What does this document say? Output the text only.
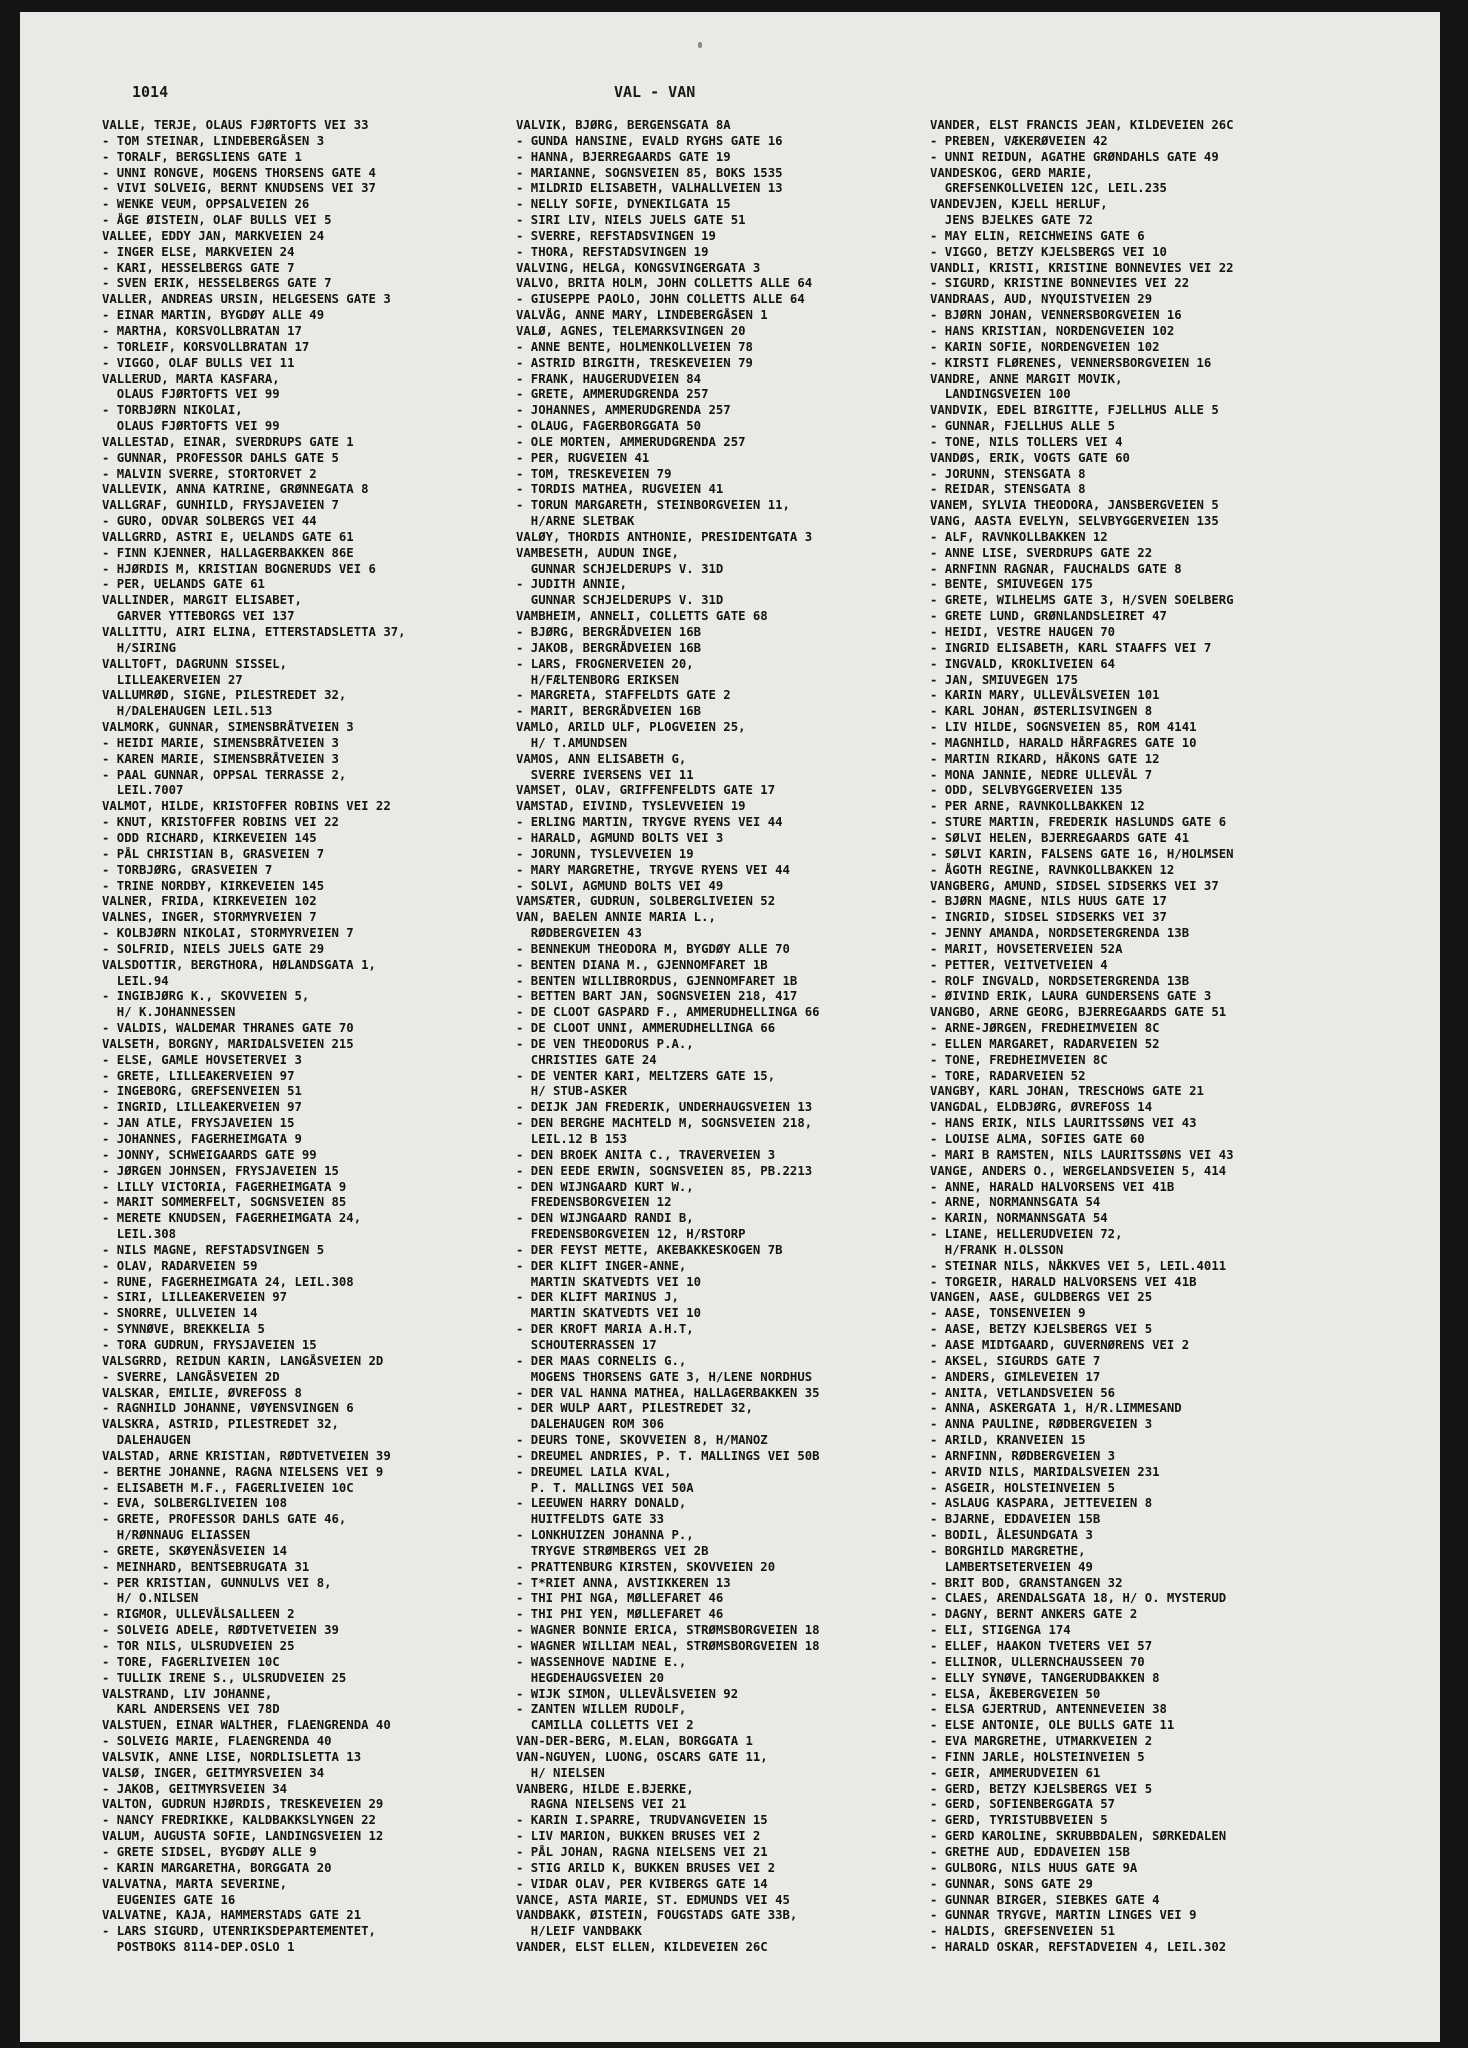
1014	VAL - VAN
VALLE, TERJE, OLAUS FJØRTOFTS VEI 33
- TOM STEINAR, LINDEBERGÅSEN 3
- TORALF, BERGSLIENS GATE 1
- UNNI RONGVE, MOGENS THORSENS GATE 4
- VIVI SOLVEIG, BERNT KNUDSENS VEI 37
- WENKE VEUM, OPPSALVEIEN 26
- ÅGE ØISTEIN, OLAF BULLS VEI 5
VALLEE, EDDY JAN, MARKVEIEN 24
- INGER ELSE, MARKVEIEN 24
- KARI, HESSELBERGS GATE 7
- SVEN ERIK, HESSELBERGS GATE 7
VALLER, ANDREAS URSIN, HELGESENS GATE 3
- EINAR MARTIN, BYGDØY ALLE 49
- MARTHA, KORSVOLLBRATAN 17
- TORLEIF, KORSVOLLBRATAN 17
- VIGGO, OLAF BULLS VEI 11
VALLERUD, MARTA KASFARA,
OLAUS FJØRTOFTS VEI 99
- TORBJØRN NIKOLAI,
OLAUS FJØRTOFTS VEI 99
VALLESTAD, EINAR, SVERDRUPS GATE 1
- GUNNAR, PROFESSOR DAHLS GATE 5
- MALVIN SVERRE, STORTORVET 2
VALLEVIK, ANNA KATRINE, GRØNNEGATA 8
VALLGRAF, GUNHILD, FRYSJAVEIEN 7
- GURO, ODVAR SOLBERGS VEI 44
VALLGRRD, ASTRI E, UELANDS GATE 61
- FINN KJENNER, HALLAGERBAKKEN 86E
- HJØRDIS M, KRISTIAN BOGNERUDS VEI 6
- PER, UELANDS GATE 61
VALLINDER, MARGIT ELISABET,
GARVER YTTEBORGS VEI 137
VALLITTU, AIRI ELINA, ETTERSTADSLETTA 37,
H/SIRING
VALLTOFT, DAGRUNN SISSEL,
LILLEAKERVEIEN 27
VALLUMRØD, SIGNE, PILESTREDET 32,
H/DALEHAUGEN LEIL.513
VALMORK, GUNNAR, SIMENSBRÅTVEIEN 3
- HEIDI MARIE, SIMENSBRÅTVEIEN 3
- KAREN MARIE, SIMENSBRÅTVEIEN 3
- PAAL GUNNAR, OPPSAL TERRASSE 2,
LEIL.7007
VALMOT, HILDE, KRISTOFFER ROBINS VEI 22
- KNUT, KRISTOFFER ROBINS VEI 22
- ODD RICHARD, KIRKEVEIEN 145
- PÅL CHRISTIAN B, GRASVEIEN 7
- TORBJØRG, GRASVEIEN 7
- TRINE NORDBY, KIRKEVEIEN 145
VALNER, FRIDA, KIRKEVEIEN 102
VALNES, INGER, STORMYRVEIEN 7
- KOLBJØRN NIKOLAI, STORMYRVEIEN 7
- SOLFRID, NIELS JUELS GATE 29
VALSDOTTIR, BERGTHORA, HØLANDSGATA 1,
LEIL.94
- INGIBJØRG K., SKOVVEIEN 5,
H/ K.JOHANNESSEN
- VALDIS, WALDEMAR THRANES GATE 70
VALSETH, BORGNY, MARIDALSVEIEN 215
- ELSE, GAMLE HOVSETERVEI 3
- GRETE, LILLEAKERVEIEN 97
- INGEBORG, GREFSENVEIEN 51
- INGRID, LILLEAKERVEIEN 97
- JAN ATLE, FRYSJAVEIEN 15
- JOHANNES, FAGERHEIMGATA 9
- JONNY, SCHWEIGAARDS GATE 99
- JØRGEN JOHNSEN, FRYSJAVEIEN 15
- LILLY VICTORIA, FAGERHEIMGATA 9
- MARIT SOMMERFELT, SOGNSVEIEN 85
- MERETE KNUDSEN, FAGERHEIMGATA 24,
LEIL.308
- NILS MAGNE, REFSTADSVINGEN 5
- OLAV, RADARVEIEN 59
- RUNE, FAGERHEIMGATA 24, LEIL.308
- SIRI, LILLEAKERVEIEN 97
- SNORRE, ULLVEIEN 14
- SYNNØVE, BREKKELIA 5
- TORA GUDRUN, FRYSJAVEIEN 15
VALSGRRD, REIDUN KARIN, LANGÅSVEIEN 2D
- SVERRE, LANGÅSVEIEN 2D
VALSKAR, EMILIE, ØVREFOSS 8
- RAGNHILD JOHANNE, VØYENSVINGEN 6
VALSKRA, ASTRID, PILESTREDET 32,
DALEHAUGEN
VALSTAD, ARNE KRISTIAN, RØDTVETVEIEN 39
- BERTHE JOHANNE, RAGNA NIELSENS VEI 9
- ELISABETH M.F., FAGERLIVEIEN 10C
- EVA, SOLBERGLIVEIEN 108
- GRETE, PROFESSOR DAHLS GATE 46,
H/RØNNAUG ELIASSEN
- GRETE, SKØYENÅSVEIEN 14
- MEINHARD, BENTSEBRUGATA 31
- PER KRISTIAN, GUNNULVS VEI 8,
H/ O.NILSEN
- RIGMOR, ULLEVÅLSALLEEN 2
- SOLVEIG ADELE, RØDTVETVEIEN 39
- TOR NILS, ULSRUDVEIEN 25
- TORE, FAGERLIVEIEN 10C
- TULLIK IRENE S., ULSRUDVEIEN 25
VALSTRAND, LIV JOHANNE,
KARL ANDERSENS VEI 78D
VALSTUEN, EINAR WALTHER, FLAENGRENDA 40
- SOLVEIG MARIE, FLAENGRENDA 40
VALSVIK, ANNE LISE, NORDLISLETTA 13
VALSØ, INGER, GEITMYRSVEIEN 34
- JAKOB, GEITMYRSVEIEN 34
VALTON, GUDRUN HJØRDIS, TRESKEVEIEN 29
- NANCY FREDRIKKE, KALDBAKKSLYNGEN 22
VALUM, AUGUSTA SOFIE, LANDINGSVEIEN 12
- GRETE SIDSEL, BYGDØY ALLE 9
- KARIN MARGARETHA, BORGGATA 20
VALVATNA, MARTA SEVERINE,
EUGENIES GATE 16
VALVATNE, KAJA, HAMMERSTADS GATE 21
- LARS SIGURD, UTENRIKSDEPARTEMENTET,
POSTBOKS 8114-DEP.OSLO 1
VALVIK, BJØRG, BERGENSGATA 8A
- GUNDA HANSINE, EVALD RYGHS GATE 16
- HANNA, BJERREGAARDS GATE 19
- MARIANNE, SOGNSVEIEN 85, BOKS 1535
- MILDRID ELISABETH, VALHALLVEIEN 13
- NELLY SOFIE, DYNEKILGATA 15
- SIRI LIV, NIELS JUELS GATE 51
- SVERRE, REFSTADSVINGEN 19
- THORA, REFSTADSVINGEN 19
VALVING, HELGA, KONGSVINGERGATA 3
VALVO, BRITA HOLM, JOHN COLLETTS ALLE 64
- GIUSEPPE PAOLO, JOHN COLLETTS ALLE 64
VALVÅG, ANNE MARY, LINDEBERGÅSEN 1
VALØ, AGNES, TELEMARKSVINGEN 20
- ANNE BENTE, HOLMENKOLLVEIEN 78
- ASTRID BIRGITH, TRESKEVEIEN 79
- FRANK, HAUGERUDVEIEN 84
- GRETE, AMMERUDGRENDA 257
- JOHANNES, AMMERUDGRENDA 257
- OLAUG, FAGERBORGGATA 50
- OLE MORTEN, AMMERUDGRENDA 257
- PER, RUGVEIEN 41
- TOM, TRESKEVEIEN 79
- TORDIS MATHEA, RUGVEIEN 41
- TORUN MARGARETH, STEINBORGVEIEN 11,
H/ARNE SLETBAK
VALØY, THORDIS ANTHONIE, PRESIDENTGATA 3
VAMBESETH, AUDUN INGE,
GUNNAR SCHJELDERUPS V. 31D
- JUDITH ANNIE,
GUNNAR SCHJELDERUPS V. 31D
VAMBHEIM, ANNELI, COLLETTS GATE 68
- BJØRG, BERGRÅDVEIEN 16B
- JAKOB, BERGRÅDVEIEN 16B
- LARS, FROGNERVEIEN 20,
H/FÆLTENBORG ERIKSEN
- MARGRETA, STAFFELDTS GATE 2
- MARIT, BERGRÅDVEIEN 16B
VAMLO, ARILD ULF, PLOGVEIEN 25,
H/ T.AMUNDSEN
VAMOS, ANN ELISABETH G,
SVERRE IVERSENS VEI 11
VAMSET, OLAV, GRIFFENFELDTS GATE 17
VAMSTAD, EIVIND, TYSLEVVEIEN 19
- ERLING MARTIN, TRYGVE RYENS VEI 44
- HARALD, AGMUND BOLTS VEI 3
- JORUNN, TYSLEVVEIEN 19
- MARY MARGRETHE, TRYGVE RYENS VEI 44
- SOLVI, AGMUND BOLTS VEI 49
VAMSÆTER, GUDRUN, SOLBERGLIVEIEN 52
VAN, BAELEN ANNIE MARIA L.,
RØDBERGVEIEN 43
- BENNEKUM THEODORA M, BYGDØY ALLE 70
- BENTEN DIANA M., GJENNOMFARET 1B
- BENTEN WILLIBRORDUS, GJENNOMFARET 1B
- BETTEN BART JAN, SOGNSVEIEN 218, 417
- DE CLOOT GASPARD F., AMMERUDHELLINGA 66
- DE CLOOT UNNI, AMMERUDHELLINGA 66
- DE VEN THEODORUS P.A.,
CHRISTIES GATE 24
- DE VENTER KARI, MELTZERS GATE 15,
H/ STUB-ASKER
- DEIJK JAN FREDERIK, UNDERHAUGSVEIEN 13
- DEN BERGHE MACHTELD M, SOGNSVEIEN 218,
LEIL.12 B 153
- DEN BROEK ANITA C., TRAVERVEIEN 3
- DEN EEDE ERWIN, SOGNSVEIEN 85, PB.2213
- DEN WIJNGAARD KURT W.,
FREDENSBORGVEIEN 12
- DEN WIJNGAARD RANDI B,
FREDENSBORGVEIEN 12, H/RSTORP
- DER FEYST METTE, AKEBAKKESKOGEN 7B
- DER KLIFT INGER-ANNE,
MARTIN SKATVEDTS VEI 10
- DER KLIFT MARINUS J,
MARTIN SKATVEDTS VEI 10
- DER KROFT MARIA A.H.T,
SCHOUTERRASSEN 17
- DER MAAS CORNELIS G.,
MOGENS THORSENS GATE 3, H/LENE NORDHUS
- DER VAL HANNA MATHEA, HALLAGERBAKKEN 35
- DER WULP AART, PILESTREDET 32,
DALEHAUGEN ROM 306
- DEURS TONE, SKOVVEIEN 8, H/MANOZ
- DREUMEL ANDRIES, P. T. MALLINGS VEI 50B
- DREUMEL LAILA KVAL,
P. T. MALLINGS VEI 50A
- LEEUWEN HARRY DONALD,
HUITFELDTS GATE 33
- LONKHUIZEN JOHANNA P.,
TRYGVE STRØMBERGS VEI 2B
- PRATTENBURG KIRSTEN, SKOVVEIEN 20
- T*RIET ANNA, AVSTIKKEREN 13
- THI PHI NGA, MØLLEFARET 46
- THI PHI YEN, MØLLEFARET 46
- WAGNER BONNIE ERICA, STRØMSBORGVEIEN 18
- WAGNER WILLIAM NEAL, STRØMSBORGVEIEN 18
- WASSENHOVE NADINE E.,
HEGDEHAUGSVEIEN 20
- WIJK SIMON, ULLEVÅLSVEIEN 92
- ZANTEN WILLEM RUDOLF,
CAMILLA COLLETTS VEI 2
VAN-DER-BERG, M.ELAN, BORGGATA 1
VAN-NGUYEN, LUONG, OSCARS GATE 11,
H/ NIELSEN
VANBERG, HILDE E.BJERKE,
RAGNA NIELSENS VEI 21
- KARIN I.SPARRE, TRUDVANGVEIEN 15
- LIV MARION, BUKKEN BRUSES VEI 2
- PÅL JOHAN, RAGNA NIELSENS VEI 21
- STIG ARILD K, BUKKEN BRUSES VEI 2
- VIDAR OLAV, PER KVIBERGS GATE 14
VANCE, ASTA MARIE, ST. EDMUNDS VEI 45
VANDBAKK, ØISTEIN, FOUGSTADS GATE 33B,
H/LEIF VANDBAKK
VANDER, ELST ELLEN, KILDEVEIEN 26C
VANDER, ELST FRANCIS JEAN, KILDEVEIEN 26C
- PREBEN, VÆKERØVEIEN 42
- UNNI REIDUN, AGATHE GRØNDAHLS GATE 49
VANDESKOG, GERD MARIE,
GREFSENKOLLVEIEN 12C, LEIL.235
VANDEVJEN, KJELL HERLUF,
JENS BJELKES GATE 72
- MAY ELIN, REICHWEINS GATE 6
- VIGGO, BETZY KJELSBERGS VEI 10
VANDLI, KRISTI, KRISTINE BONNEVIES VEI 22
- SIGURD, KRISTINE BONNEVIES VEI 22
VANDRAAS, AUD, NYQUISTVEIEN 29
- BJØRN JOHAN, VENNERSBORGVEIEN 16
- HANS KRISTIAN, NORDENGVEIEN 102
- KARIN SOFIE, NORDENGVEIEN 102
- KIRSTI FLØRENES, VENNERSBORGVEIEN 16
VANDRE, ANNE MARGIT MOVIK,
LANDINGSVEIEN 100
VANDVIK, EDEL BIRGITTE, FJELLHUS ALLE 5
- GUNNAR, FJELLHUS ALLE 5
- TONE, NILS TOLLERS VEI 4
VANDØS, ERIK, VOGTS GATE 60
- JORUNN, STENSGATA 8
- REIDAR, STENSGATA 8
VANEM, SYLVIA THEODORA, JANSBERGVEIEN 5
VANG, AASTA EVELYN, SELVBYGGERVEIEN 135
- ALF, RAVNKOLLBAKKEN 12
- ANNE LISE, SVERDRUPS GATE 22
- ARNFINN RAGNAR, FAUCHALDS GATE 8
- BENTE, SMIUVEGEN 175
- GRETE, WILHELMS GATE 3, H/SVEN SOELBERG
- GRETE LUND, GRØNLANDSLEIRET 47
- HEIDI, VESTRE HAUGEN 70
- INGRID ELISABETH, KARL STAAFFS VEI 7
- INGVALD, KROKLIVEIEN 64
- JAN, SMIUVEGEN 175
- KARIN MARY, ULLEVÅLSVEIEN 101
- KARL JOHAN, ØSTERLISVINGEN 8
- LIV HILDE, SOGNSVEIEN 85, ROM 4141
- MAGNHILD, HARALD HÅRFAGRES GATE 10
- MARTIN RIKARD, HÅKONS GATE 12
- MONA JANNIE, NEDRE ULLEVÅL 7
- ODD, SELVBYGGERVEIEN 135
- PER ARNE, RAVNKOLLBAKKEN 12
- STURE MARTIN, FREDERIK HASLUNDS GATE 6
- SØLVI HELEN, BJERREGAARDS GATE 41
- SØLVI KARIN, FALSENS GATE 16, H/HOLMSEN
- ÅGOTH REGINE, RAVNKOLLBAKKEN 12
VANGBERG, AMUND, SIDSEL SIDSERKS VEI 37
- BJØRN MAGNE, NILS HUUS GATE 17
- INGRID, SIDSEL SIDSERKS VEI 37
- JENNY AMANDA, NORDSETERGRENDA 13B
- MARIT, HOVSETERVEIEN 52A
- PETTER, VEITVETVEIEN 4
- ROLF INGVALD, NORDSETERGRENDA 13B
- ØIVIND ERIK, LAURA GUNDERSENS GATE 3
VANGBO, ARNE GEORG, BJERREGAARDS GATE 51
- ARNE-JØRGEN, FREDHEIMVEIEN 8C
- ELLEN MARGARET, RADARVEIEN 52
- TONE, FREDHEIMVEIEN 8C
- TORE, RADARVEIEN 52
VANGBY, KARL JOHAN, TRESCHOWS GATE 21
VANGDAL, ELDBJØRG, ØVREFOSS 14
- HANS ERIK, NILS LAURITSSØNS VEI 43
- LOUISE ALMA, SOFIES GATE 60
- MARI B RAMSTEN, NILS LAURITSSØNS VEI 43
VANGE, ANDERS O., WERGELANDSVEIEN 5, 414
- ANNE, HARALD HALVORSENS VEI 41B
- ARNE, NORMANNSGATA 54
- KARIN, NORMANNSGATA 54
- LIANE, HELLERUDVEIEN 72,
H/FRANK H.OLSSON
- STEINAR NILS, NÅKKVES VEI 5, LEIL.4011
- TORGEIR, HARALD HALVORSENS VEI 41B
VANGEN, AASE, GULDBERGS VEI 25
- AASE, TONSENVEIEN 9
- AASE, BETZY KJELSBERGS VEI 5
- AASE MIDTGAARD, GUVERNØRENS VEI 2
- AKSEL, SIGURDS GATE 7
- ANDERS, GIMLEVEIEN 17
- ANITA, VETLANDSVEIEN 56
- ANNA, ASKERGATA 1, H/R.LIMMESAND
- ANNA PAULINE, RØDBERGVEIEN 3
- ARILD, KRANVEIEN 15
- ARNFINN, RØDBERGVEIEN 3
- ARVID NILS, MARIDALSVEIEN 231
- ASGEIR, HOLSTEINVEIEN 5
- ASLAUG KASPARA, JETTEVEIEN 8
- BJARNE, EDDAVEIEN 15B
- BODIL, ÅLESUNDGATA 3
- BORGHILD MARGRETHE,
LAMBERTSETERVEIEN 49
- BRIT BOD, GRANSTANGEN 32
- CLAES, ARENDALSGATA 18, H/ O. MYSTERUD
- DAGNY, BERNT ANKERS GATE 2
- ELI, STIGENGA 174
- ELLEF, HAAKON TVETERS VEI 57
- ELLINOR, ULLERNCHAUSSEEN 70
- ELLY SYNØVE, TANGERUDBAKKEN 8
- ELSA, ÅKEBERGVEIEN 50
- ELSA GJERTRUD, ANTENNEVEIEN 38
- ELSE ANTONIE, OLE BULLS GATE 11
- EVA MARGRETHE, UTMARKVEIEN 2
- FINN JARLE, HOLSTEINVEIEN 5
- GEIR, AMMERUDVEIEN 61
- GERD, BETZY KJELSBERGS VEI 5
- GERD, SOFIENBERGGATA 57
- GERD, TYRISTUBBVEIEN 5
- GERD KAROLINE, SKRUBBDALEN, SØRKEDALEN
- GRETHE AUD, EDDAVEIEN 15B
- GULBORG, NILS HUUS GATE 9A
- GUNNAR, SONS GATE 29
- GUNNAR BIRGER, SIEBKES GATE 4
- GUNNAR TRYGVE, MARTIN LINGES VEI 9
- HALDIS, GREFSENVEIEN 51
- HARALD OSKAR, REFSTADVEIEN 4, LEIL.302
